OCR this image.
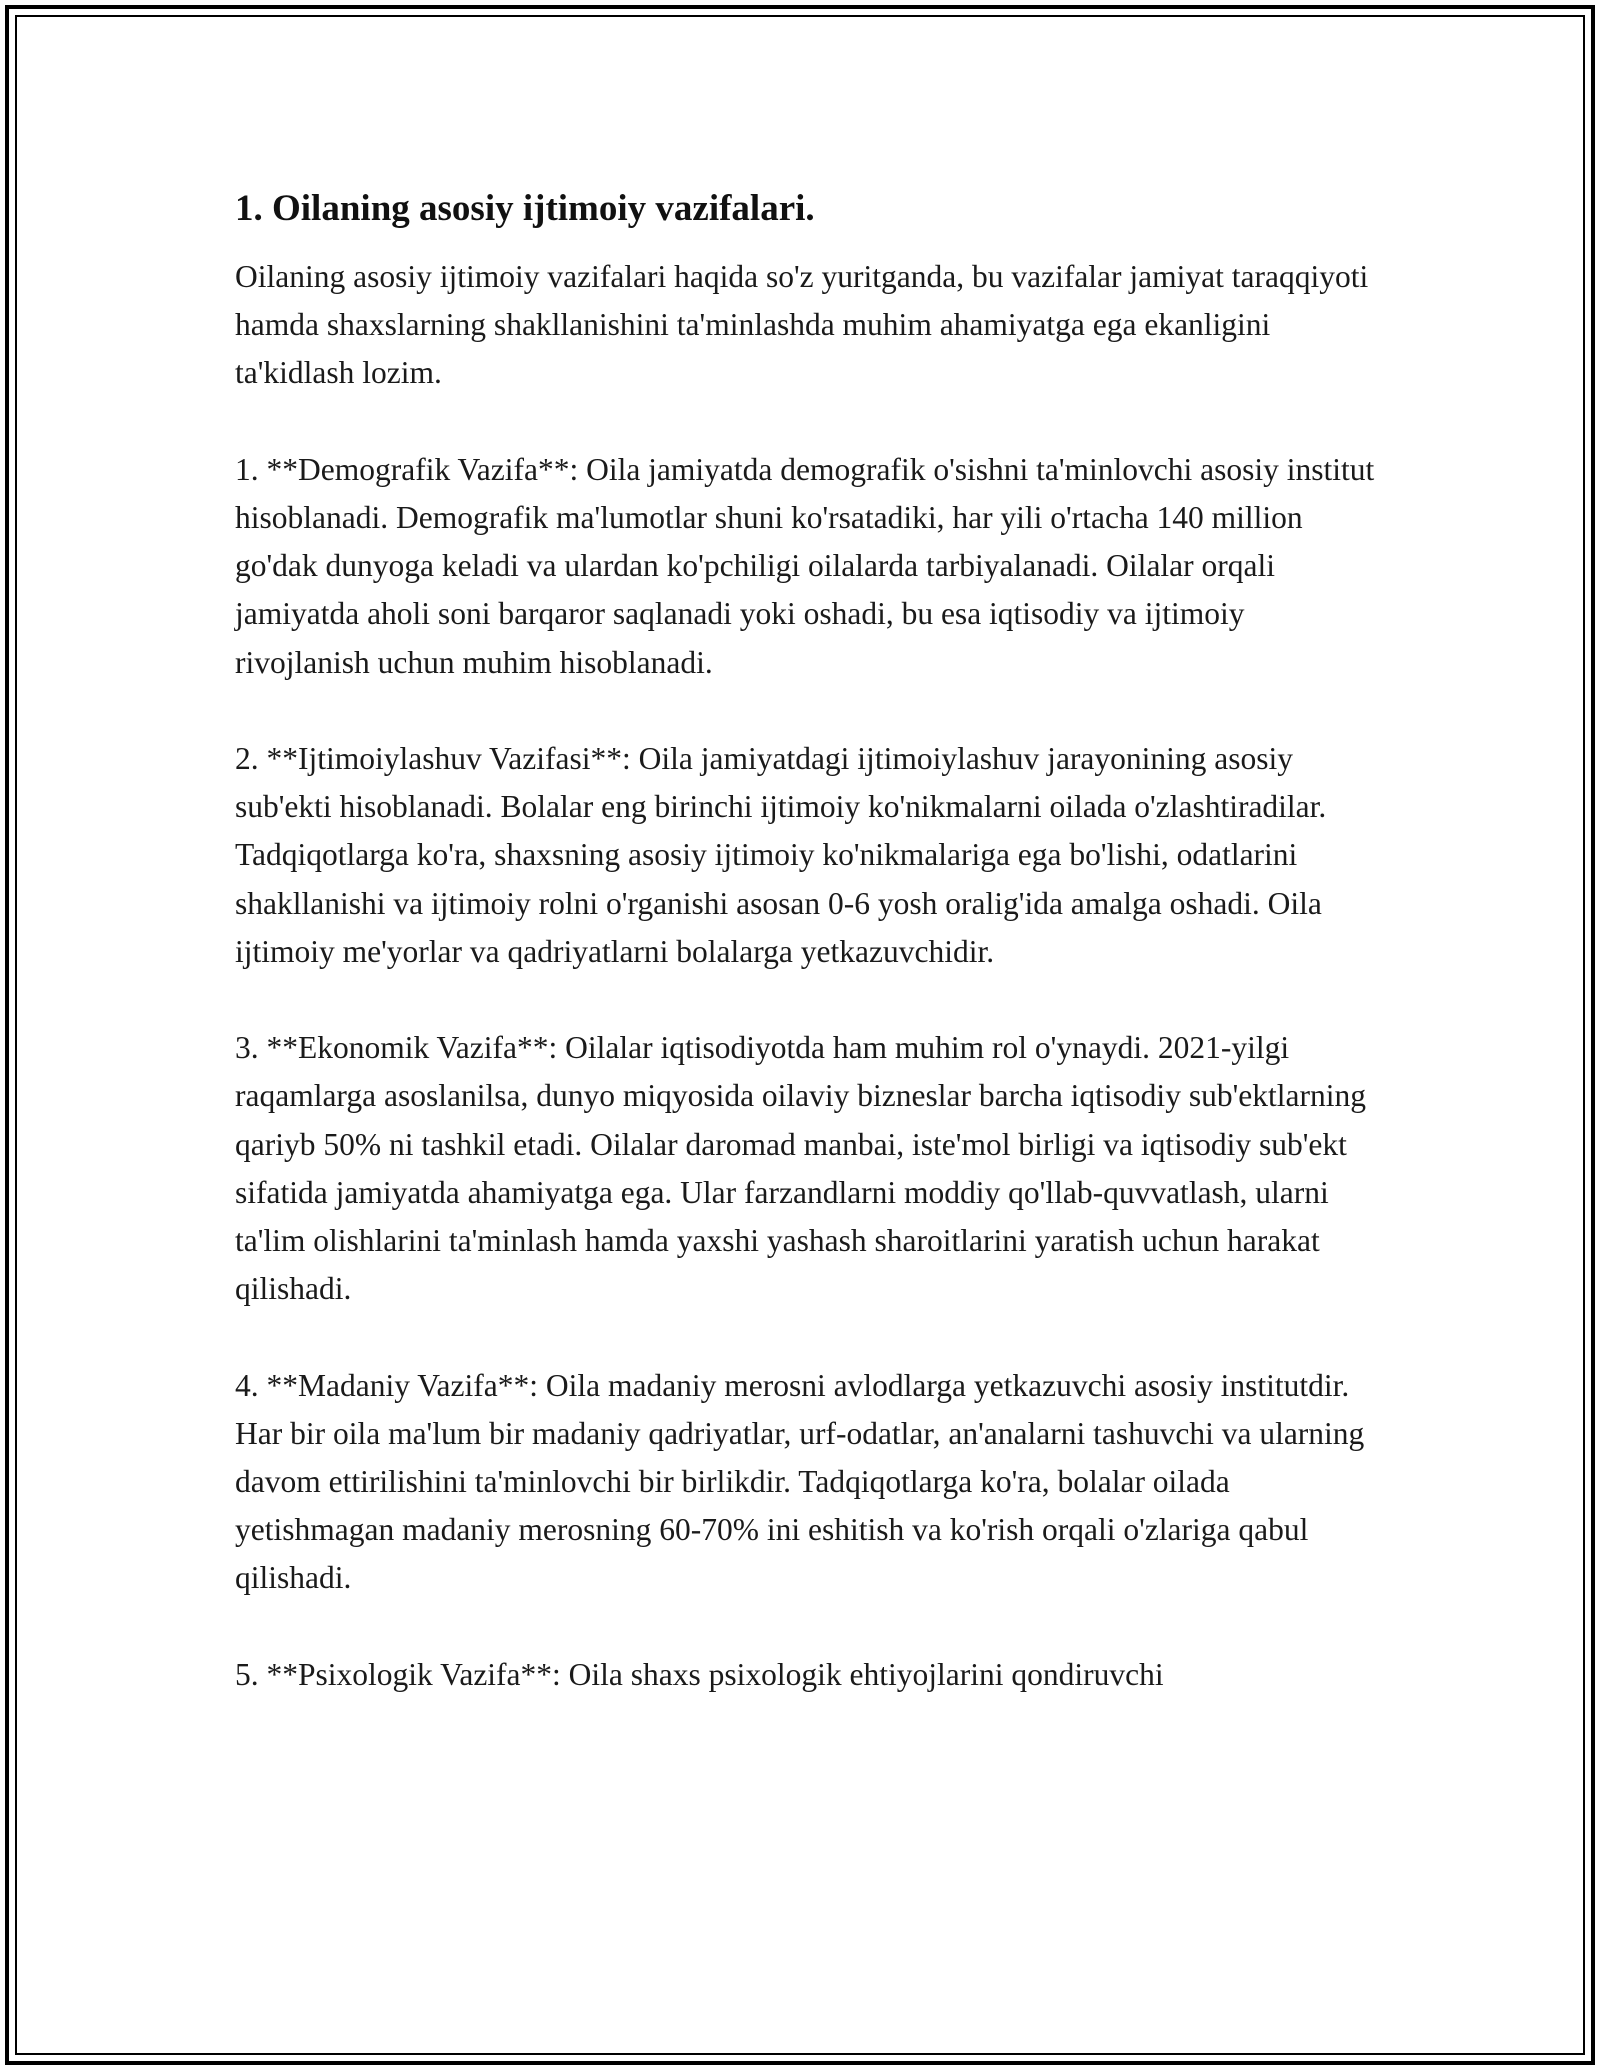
1. Oilaning asosiy ijtimoiy vazifalari.

Oilaning asosiy ijtimoiy vazifalari haqida so'z yuritganda, bu vazifalar jamiyat taraqqiyoti hamda shaxslarning shakllanishini ta'minlashda muhim ahamiyatga ega ekanligini ta'kidlash lozim.

1. **Demografik Vazifa**: Oila jamiyatda demografik o'sishni ta'minlovchi asosiy institut hisoblanadi. Demografik ma'lumotlar shuni ko'rsatadiki, har yili o'rtacha 140 million go'dak dunyoga keladi va ulardan ko'pchiligi oilalarda tarbiyalanadi. Oilalar orqali jamiyatda aholi soni barqaror saqlanadi yoki oshadi, bu esa iqtisodiy va ijtimoiy rivojlanish uchun muhim hisoblanadi.

2. **Ijtimoiylashuv Vazifasi**: Oila jamiyatdagi ijtimoiylashuv jarayonining asosiy sub'ekti hisoblanadi. Bolalar eng birinchi ijtimoiy ko'nikmalarni oilada o'zlashtiradilar. Tadqiqotlarga ko'ra, shaxsning asosiy ijtimoiy ko'nikmalariga ega bo'lishi, odatlarini shakllanishi va ijtimoiy rolni o'rganishi asosan 0-6 yosh oralig'ida amalga oshadi. Oila ijtimoiy me'yorlar va qadriyatlarni bolalarga yetkazuvchidir.

3. **Ekonomik Vazifa**: Oilalar iqtisodiyotda ham muhim rol o'ynaydi. 2021-yilgi raqamlarga asoslanilsa, dunyo miqyosida oilaviy bizneslar barcha iqtisodiy sub'ektlarning qariyb 50% ni tashkil etadi. Oilalar daromad manbai, iste'mol birligi va iqtisodiy sub'ekt sifatida jamiyatda ahamiyatga ega. Ular farzandlarni moddiy qo'llab-quvvatlash, ularni ta'lim olishlarini ta'minlash hamda yaxshi yashash sharoitlarini yaratish uchun harakat qilishadi.

4. **Madaniy Vazifa**: Oila madaniy merosni avlodlarga yetkazuvchi asosiy institutdir. Har bir oila ma'lum bir madaniy qadriyatlar, urf-odatlar, an'analarni tashuvchi va ularning davom ettirilishini ta'minlovchi bir birlikdir. Tadqiqotlarga ko'ra, bolalar oilada yetishmagan madaniy merosning 60-70% ini eshitish va ko'rish orqali o'zlariga qabul qilishadi.

5. **Psixologik Vazifa**: Oila shaxs psixologik ehtiyojlarini qondiruvchi
